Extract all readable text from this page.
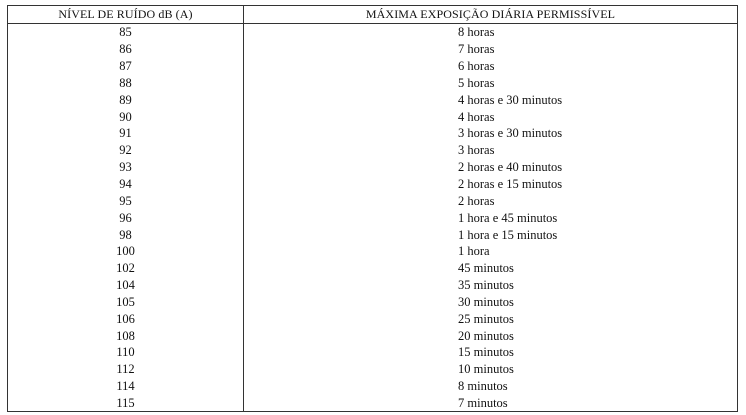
NÍVEL DE RUÍDO dB (A)	MÁXIMA EXPOSIÇÃO DIÁRIA PERMISSÍVEL
85	8 horas
86	7 horas
87	6 horas
88	5 horas
89	4 horas e 30 minutos
90	4 horas
91	3 horas e 30 minutos
92	3 horas
93	2 horas e 40 minutos
94	2 horas e 15 minutos
95	2 horas
96	1 hora e 45 minutos
98	1 hora e 15 minutos
100	1 hora
102	45 minutos
104	35 minutos
105	30 minutos
106	25 minutos
108	20 minutos
110	15 minutos
112	10 minutos
114	8 minutos
115	7 minutos
